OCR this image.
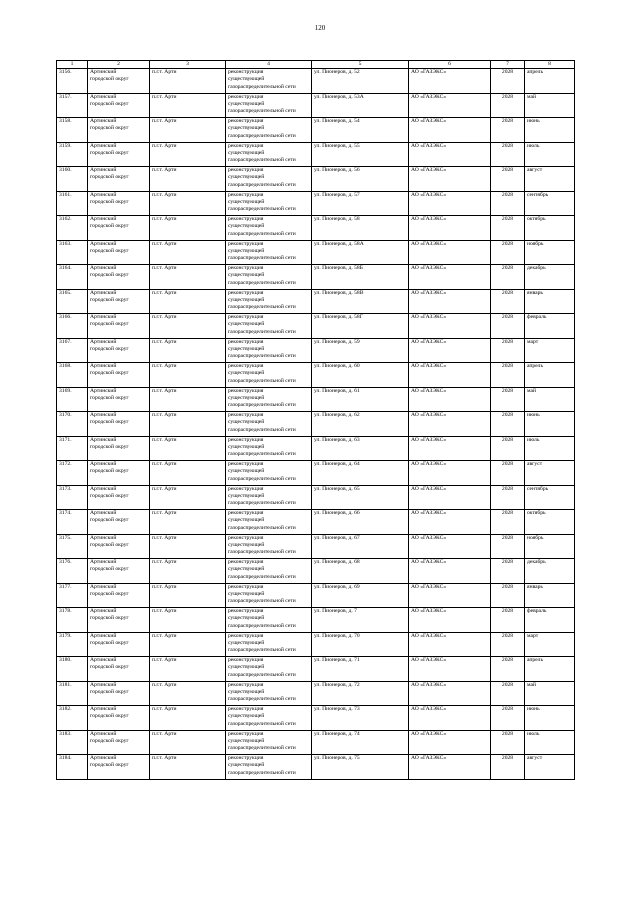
120
1	2	3	4	5	6	7	8
3156.	Артинский
городской округ	п.г.т. Арти	реконструкция
существующей
газораспределительной сети	ул. Пионеров, д. 52	АО «ГАЗЭКС»	2028	апрель
3157.	Артинский
городской округ	п.г.т. Арти	реконструкция
существующей
газораспределительной сети	ул. Пионеров, д. 53А	АО «ГАЗЭКС»	2028	май
3158.	Артинский
городской округ	п.г.т. Арти	реконструкция
существующей
газораспределительной сети	ул. Пионеров, д. 54	АО «ГАЗЭКС»	2028	июнь
3159.	Артинский
городской округ	п.г.т. Арти	реконструкция
существующей
газораспределительной сети	ул. Пионеров, д. 55	АО «ГАЗЭКС»	2028	июль
3160.	Артинский
городской округ	п.г.т. Арти	реконструкция
существующей
газораспределительной сети	ул. Пионеров, д. 56	АО «ГАЗЭКС»	2028	август
3161.	Артинский
городской округ	п.г.т. Арти	реконструкция
существующей
газораспределительной сети	ул. Пионеров, д. 57	АО «ГАЗЭКС»	2028	сентябрь
3162.	Артинский
городской округ	п.г.т. Арти	реконструкция
существующей
газораспределительной сети	ул. Пионеров, д. 58	АО «ГАЗЭКС»	2028	октябрь
3163.	Артинский
городской округ	п.г.т. Арти	реконструкция
существующей
газораспределительной сети	ул. Пионеров, д. 58А	АО «ГАЗЭКС»	2028	ноябрь
3164.	Артинский
городской округ	п.г.т. Арти	реконструкция
существующей
газораспределительной сети	ул. Пионеров, д. 58Б	АО «ГАЗЭКС»	2028	декабрь
3165.	Артинский
городской округ	п.г.т. Арти	реконструкция
существующей
газораспределительной сети	ул. Пионеров, д. 58В	АО «ГАЗЭКС»	2028	январь
3166.	Артинский
городской округ	п.г.т. Арти	реконструкция
существующей
газораспределительной сети	ул. Пионеров, д. 58Г	АО «ГАЗЭКС»	2028	февраль
3167.	Артинский
городской округ	п.г.т. Арти	реконструкция
существующей
газораспределительной сети	ул. Пионеров, д. 59	АО «ГАЗЭКС»	2028	март
3168.	Артинский
городской округ	п.г.т. Арти	реконструкция
существующей
газораспределительной сети	ул. Пионеров, д. 60	АО «ГАЗЭКС»	2028	апрель
3169.	Артинский
городской округ	п.г.т. Арти	реконструкция
существующей
газораспределительной сети	ул. Пионеров, д. 61	АО «ГАЗЭКС»	2028	май
3170.	Артинский
городской округ	п.г.т. Арти	реконструкция
существующей
газораспределительной сети	ул. Пионеров, д. 62	АО «ГАЗЭКС»	2028	июнь
3171.	Артинский
городской округ	п.г.т. Арти	реконструкция
существующей
газораспределительной сети	ул. Пионеров, д. 63	АО «ГАЗЭКС»	2028	июль
3172.	Артинский
городской округ	п.г.т. Арти	реконструкция
существующей
газораспределительной сети	ул. Пионеров, д. 64	АО «ГАЗЭКС»	2028	август
3173.	Артинский
городской округ	п.г.т. Арти	реконструкция
существующей
газораспределительной сети	ул. Пионеров, д. 65	АО «ГАЗЭКС»	2028	сентябрь
3174.	Артинский
городской округ	п.г.т. Арти	реконструкция
существующей
газораспределительной сети	ул. Пионеров, д. 66	АО «ГАЗЭКС»	2028	октябрь
3175.	Артинский
городской округ	п.г.т. Арти	реконструкция
существующей
газораспределительной сети	ул. Пионеров, д. 67	АО «ГАЗЭКС»	2028	ноябрь
3176.	Артинский
городской округ	п.г.т. Арти	реконструкция
существующей
газораспределительной сети	ул. Пионеров, д. 68	АО «ГАЗЭКС»	2028	декабрь
3177.	Артинский
городской округ	п.г.т. Арти	реконструкция
существующей
газораспределительной сети	ул. Пионеров, д. 69	АО «ГАЗЭКС»	2028	январь
3178.	Артинский
городской округ	п.г.т. Арти	реконструкция
существующей
газораспределительной сети	ул. Пионеров, д. 7	АО «ГАЗЭКС»	2028	февраль
3179.	Артинский
городской округ	п.г.т. Арти	реконструкция
существующей
газораспределительной сети	ул. Пионеров, д. 70	АО «ГАЗЭКС»	2028	март
3180.	Артинский
городской округ	п.г.т. Арти	реконструкция
существующей
газораспределительной сети	ул. Пионеров, д. 71	АО «ГАЗЭКС»	2028	апрель
3181.	Артинский
городской округ	п.г.т. Арти	реконструкция
существующей
газораспределительной сети	ул. Пионеров, д. 72	АО «ГАЗЭКС»	2028	май
3182.	Артинский
городской округ	п.г.т. Арти	реконструкция
существующей
газораспределительной сети	ул. Пионеров, д. 73	АО «ГАЗЭКС»	2028	июнь
3183.	Артинский
городской округ	п.г.т. Арти	реконструкция
существующей
газораспределительной сети	ул. Пионеров, д. 74	АО «ГАЗЭКС»	2028	июль
3184.	Артинский
городской округ	п.г.т. Арти	реконструкция
существующей
газораспределительной сети	ул. Пионеров, д. 75	АО «ГАЗЭКС»	2028	август
